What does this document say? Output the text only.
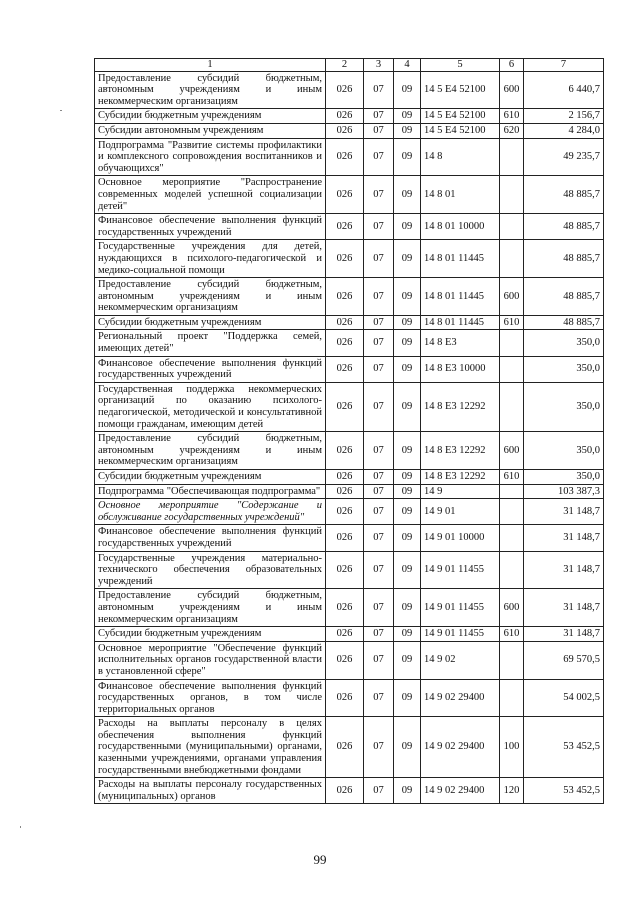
1	2	3	4	5	6	7
Предоставление субсидий бюджетным, автономным учреждениям и иным некоммерческим организациям	026	07	09	14 5 Е4 52100	600	6 440,7
Субсидии бюджетным учреждениям	026	07	09	14 5 Е4 52100	610	2 156,7
Субсидии автономным учреждениям	026	07	09	14 5 Е4 52100	620	4 284,0
Подпрограмма "Развитие системы профилактики и комплексного сопровождения воспитанников и обучающихся"	026	07	09	14 8		49 235,7
Основное мероприятие "Распространение современных моделей успешной социализации детей"	026	07	09	14 8 01		48 885,7
Финансовое обеспечение выполнения функций государственных учреждений	026	07	09	14 8 01 10000		48 885,7
Государственные учреждения для детей, нуждающихся в психолого-педагогической и медико-социальной помощи	026	07	09	14 8 01 11445		48 885,7
Предоставление субсидий бюджетным, автономным учреждениям и иным некоммерческим организациям	026	07	09	14 8 01 11445	600	48 885,7
Субсидии бюджетным учреждениям	026	07	09	14 8 01 11445	610	48 885,7
Региональный проект "Поддержка семей, имеющих детей"	026	07	09	14 8 Е3		350,0
Финансовое обеспечение выполнения функций государственных учреждений	026	07	09	14 8 Е3 10000		350,0
Государственная поддержка некоммерческих организаций по оказанию психолого-педагогической, методической и консультативной помощи гражданам, имеющим детей	026	07	09	14 8 Е3 12292		350,0
Предоставление субсидий бюджетным, автономным учреждениям и иным некоммерческим организациям	026	07	09	14 8 Е3 12292	600	350,0
Субсидии бюджетным учреждениям	026	07	09	14 8 Е3 12292	610	350,0
Подпрограмма "Обеспечивающая подпрограмма"	026	07	09	14 9		103 387,3
Основное мероприятие "Содержание и обслуживание государственных учреждений"	026	07	09	14 9 01		31 148,7
Финансовое обеспечение выполнения функций государственных учреждений	026	07	09	14 9 01 10000		31 148,7
Государственные учреждения материально-технического обеспечения образовательных учреждений	026	07	09	14 9 01 11455		31 148,7
Предоставление субсидий бюджетным, автономным учреждениям и иным некоммерческим организациям	026	07	09	14 9 01 11455	600	31 148,7
Субсидии бюджетным учреждениям	026	07	09	14 9 01 11455	610	31 148,7
Основное мероприятие "Обеспечение функций исполнительных органов государственной власти в установленной сфере"	026	07	09	14 9 02		69 570,5
Финансовое обеспечение выполнения функций государственных органов, в том числе территориальных органов	026	07	09	14 9 02 29400		54 002,5
Расходы на выплаты персоналу в целях обеспечения выполнения функций государственными (муниципальными) органами, казенными учреждениями, органами управления государственными внебюджетными фондами	026	07	09	14 9 02 29400	100	53 452,5
Расходы на выплаты персоналу государственных (муниципальных) органов	026	07	09	14 9 02 29400	120	53 452,5
99
